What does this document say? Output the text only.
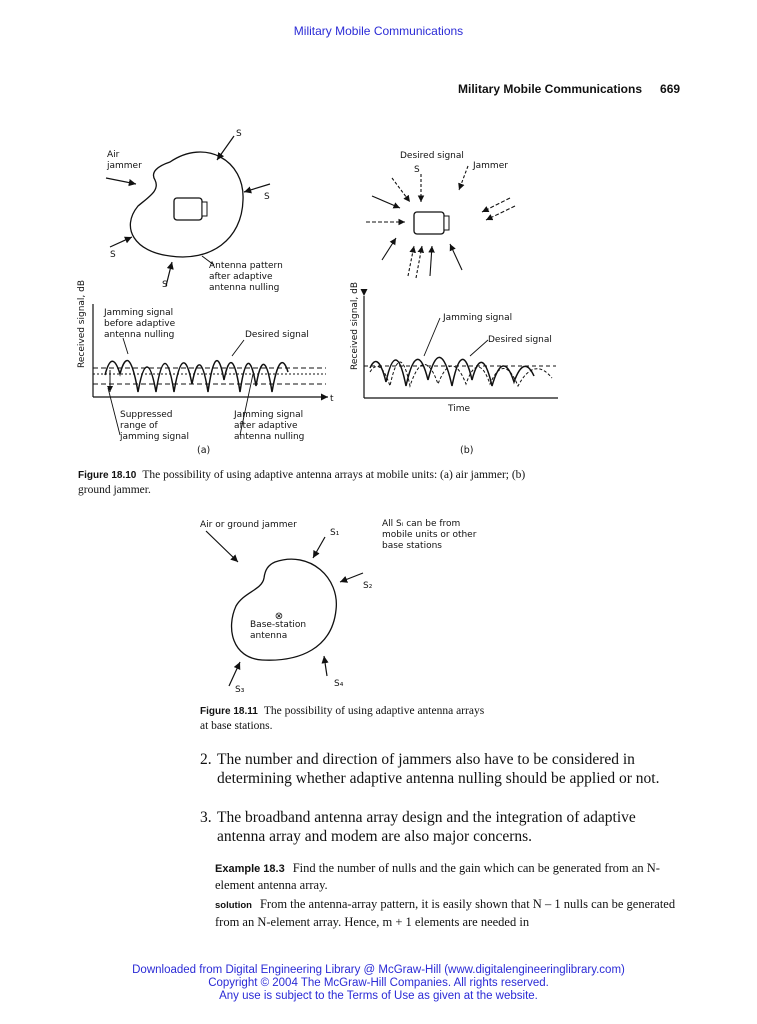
Military Mobile Communications
Military Mobile Communications 669
Air jammer
S
S
S
S
Antenna pattern after adaptive antenna nulling
Desired signal
S	Jammer
Received signal, dB
t
Jamming signal before adaptive antenna nulling	Desired signal
Suppressed range of jamming signal
Jamming signal after adaptive antenna nulling
(a)
Received signal, dB	Jamming signal
Desired signal
Time
(b)
Figure 18.10 The possibility of using adaptive antenna arrays at mobile units: (a) air jammer; (b) ground jammer.
Air or ground jammer
S₁
S₂
S₃
S₄
All Sᵢ can be from mobile units or other base stations
⊗
Base-station antenna
Figure 18.11 The possibility of using adaptive antenna arrays at base stations.
2. The number and direction of jammers also have to be considered in determining whether adaptive antenna nulling should be applied or not.
3. The broadband antenna array design and the integration of adaptive antenna array and modem are also major concerns.
Example 18.3 Find the number of nulls and the gain which can be generated from an N-element antenna array.
solution From the antenna-array pattern, it is easily shown that N – 1 nulls can be generated from an N-element array. Hence, m + 1 elements are needed in
Downloaded from Digital Engineering Library @ McGraw-Hill (www.digitalengineeringlibrary.com)
Copyright © 2004 The McGraw-Hill Companies. All rights reserved.
Any use is subject to the Terms of Use as given at the website.
